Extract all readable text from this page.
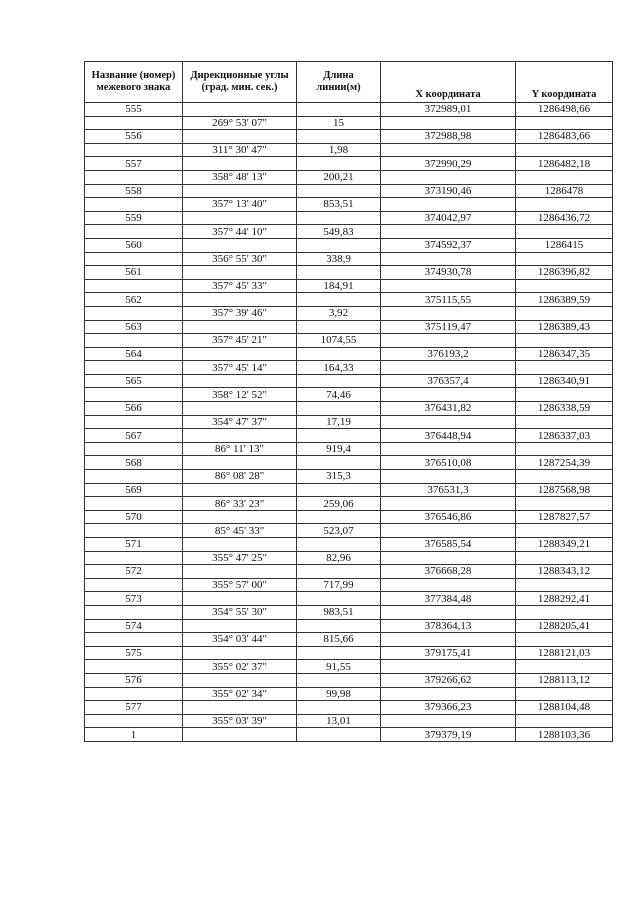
Название (номер) межевого знака	Дирекционные углы (град. мин. сек.)	Длина линии(м)	X координата	Y координата
555			372989,01	1286498,66
	269° 53' 07"	15		
556			372988,98	1286483,66
	311° 30' 47"	1,98		
557			372990,29	1286482,18
	358° 48' 13"	200,21		
558			373190,46	1286478
	357° 13' 40"	853,51		
559			374042,97	1286436,72
	357° 44' 10"	549,83		
560			374592,37	1286415
	356° 55' 30"	338,9		
561			374930,78	1286396,82
	357° 45' 33"	184,91		
562			375115,55	1286389,59
	357° 39' 46"	3,92		
563			375119,47	1286389,43
	357° 45' 21"	1074,55		
564			376193,2	1286347,35
	357° 45' 14"	164,33		
565			376357,4	1286340,91
	358° 12' 52"	74,46		
566			376431,82	1286338,59
	354° 47' 37"	17,19		
567			376448,94	1286337,03
	86° 11' 13"	919,4		
568			376510,08	1287254,39
	86° 08' 28"	315,3		
569			376531,3	1287568,98
	86° 33' 23"	259,06		
570			376546,86	1287827,57
	85° 45' 33"	523,07		
571			376585,54	1288349,21
	355° 47' 25"	82,96		
572			376668,28	1288343,12
	355° 57' 00"	717,99		
573			377384,48	1288292,41
	354° 55' 30"	983,51		
574			378364,13	1288205,41
	354° 03' 44"	815,66		
575			379175,41	1288121,03
	355° 02' 37"	91,55		
576			379266,62	1288113,12
	355° 02' 34"	99,98		
577			379366,23	1288104,48
	355° 03' 39"	13,01		
1			379379,19	1288103,36
